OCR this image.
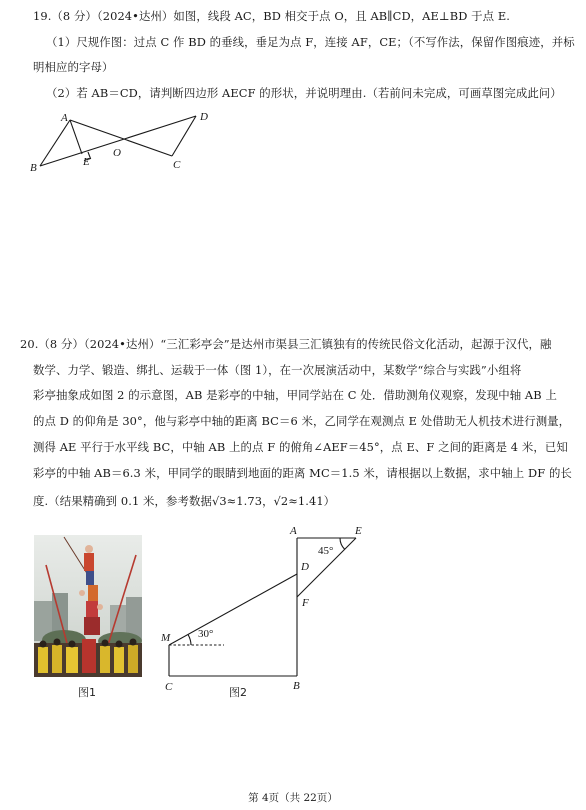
19.（8 分）（2024•达州）如图，线段 AC，BD 相交于点 O，且 AB∥CD，AE⊥BD 于点 E.
（1）尺规作图：过点 C 作 BD 的垂线，垂足为点 F，连接 AF，CE；（不写作法，保留作图痕迹，并标
明相应的字母）
（2）若 AB＝CD，请判断四边形 AECF 的形状，并说明理由.（若前问未完成，可画草图完成此问）
A
B	E
O
C
D
20.（8 分）（2024•达州）“三汇彩亭会”是达州市渠县三汇镇独有的传统民俗文化活动，起源于汉代，融
数学、力学、锻造、绑扎、运载于一体（图 1），在一次展演活动中，某数学“综合与实践”小组将
彩亭抽象成如图 2 的示意图，AB 是彩亭的中轴，甲同学站在 C 处．借助测角仪观察，发现中轴 AB 上
的点 D 的仰角是 30°，他与彩亭中轴的距离 BC＝6 米，乙同学在观测点 E 处借助无人机技术进行测量，
测得 AE 平行于水平线 BC，中轴 AB 上的点 F 的俯角∠AEF＝45°，点 E、F 之间的距离是 4 米，已知
彩亭的中轴 AB＝6.3 米，甲同学的眼睛到地面的距离 MC＝1.5 米，请根据以上数据，求中轴上 DF 的长
度.（结果精确到 0.1 米，参考数据√3≈1.73，√2≈1.41）
图1
A	E
D
F
M
C	B
45°
30°
图2
第 4页（共 22页）
